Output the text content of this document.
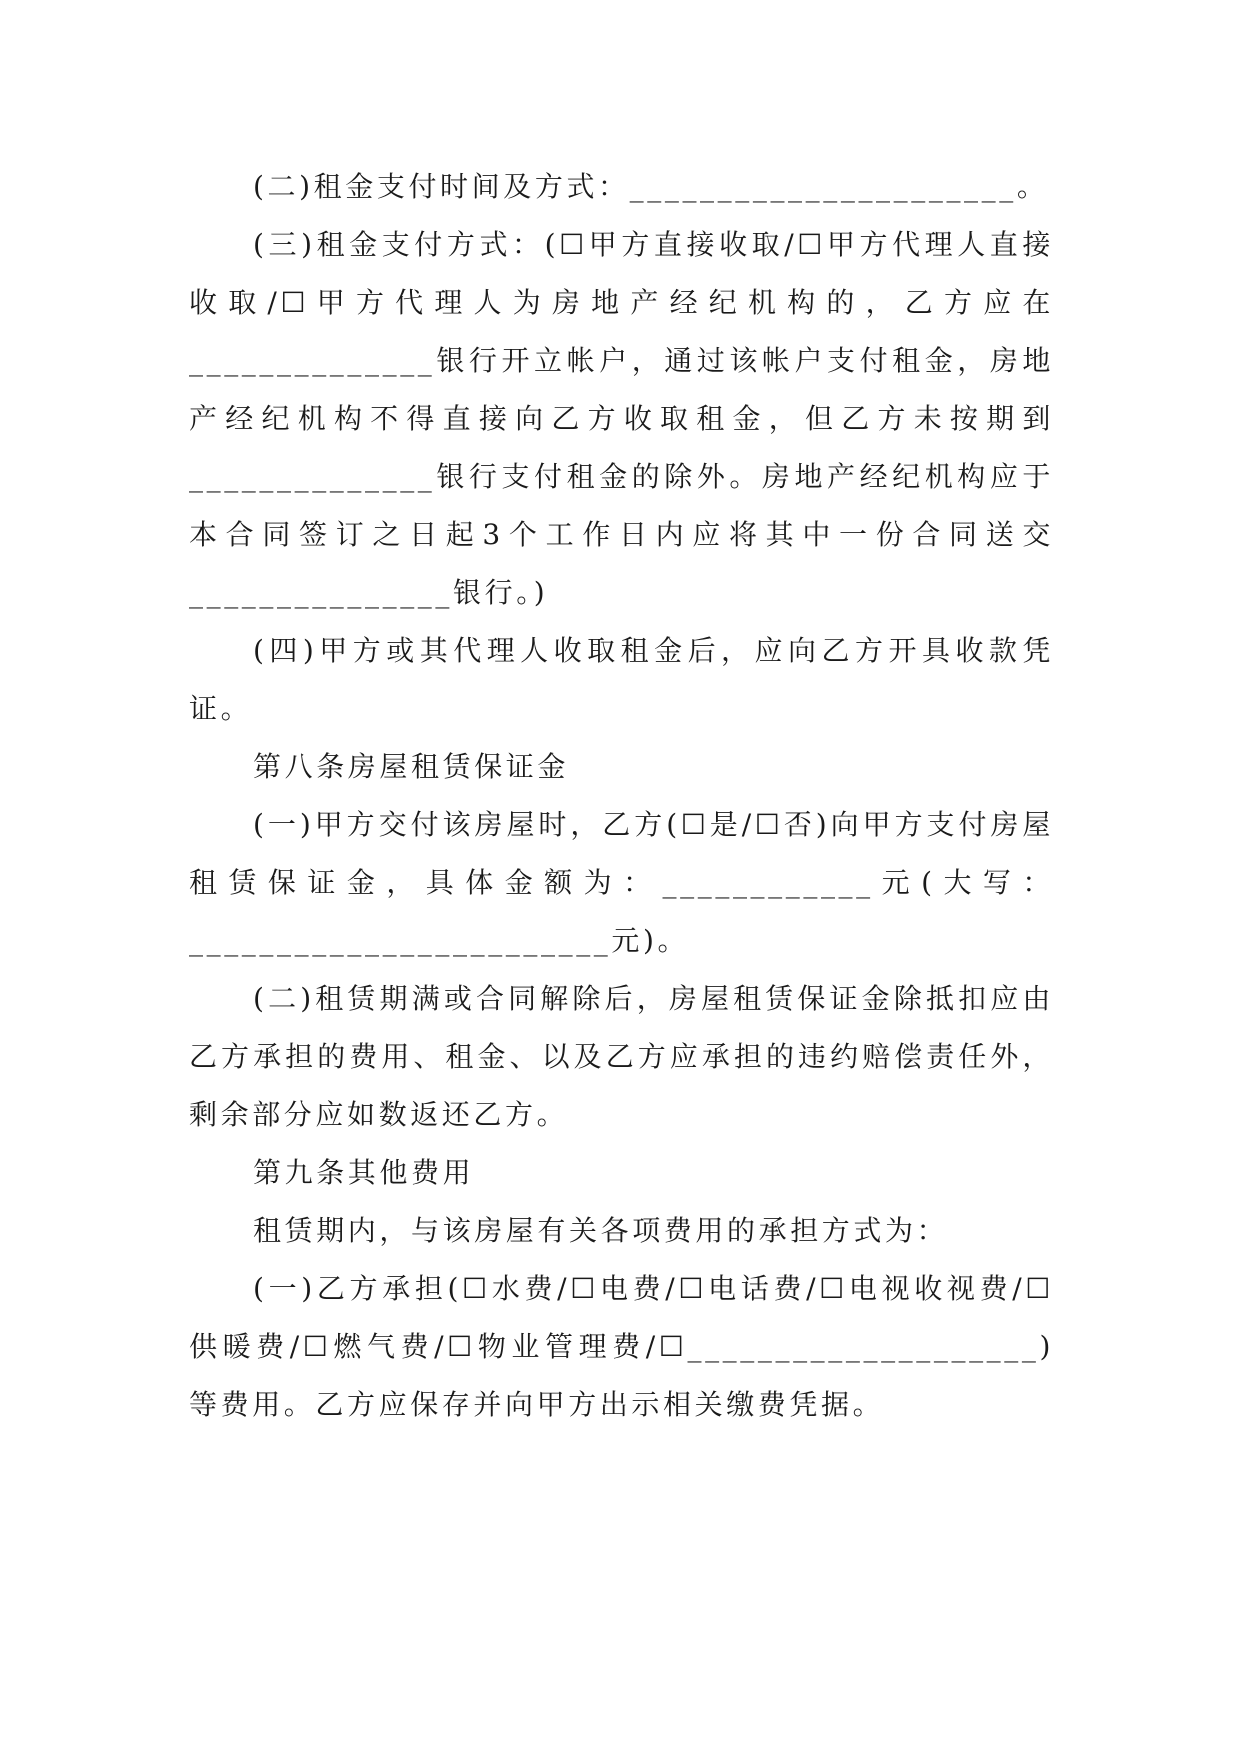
(二)租金支付时间及方式：______________________。

(三)租金支付方式：(☐甲方直接收取/☐甲方代理人直接收取/☐甲方代理人为房地产经纪机构的，乙方应在______________银行开立帐户，通过该帐户支付租金，房地产经纪机构不得直接向乙方收取租金，但乙方未按期到______________银行支付租金的除外。房地产经纪机构应于本合同签订之日起3个工作日内应将其中一份合同送交_______________银行。)

(四)甲方或其代理人收取租金后，应向乙方开具收款凭证。

第八条房屋租赁保证金

(一)甲方交付该房屋时，乙方(☐是/☐否)向甲方支付房屋租赁保证金，具体金额为：____________元(大写：________________________元)。

(二)租赁期满或合同解除后，房屋租赁保证金除抵扣应由乙方承担的费用、租金、以及乙方应承担的违约赔偿责任外，剩余部分应如数返还乙方。

第九条其他费用

租赁期内，与该房屋有关各项费用的承担方式为：

(一)乙方承担(☐水费/☐电费/☐电话费/☐电视收视费/☐供暖费/☐燃气费/☐物业管理费/☐____________________)等费用。乙方应保存并向甲方出示相关缴费凭据。
